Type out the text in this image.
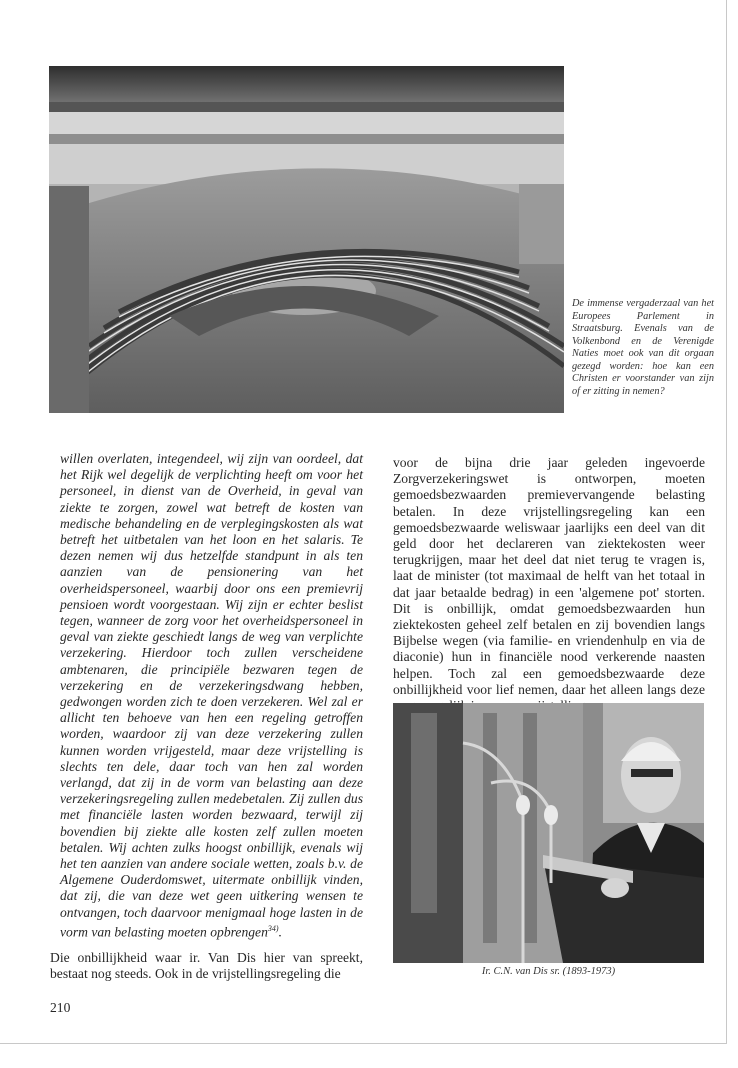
De immense vergaderzaal van het Europees Parlement in Straatsburg. Evenals van de Volkenbond en de Verenigde Naties moet ook van dit orgaan gezegd worden: hoe kan een Christen er voorstander van zijn of er zitting in nemen?

willen overlaten, integendeel, wij zijn van oordeel, dat het Rijk wel degelijk de verplichting heeft om voor het personeel, in dienst van de Overheid, in geval van ziekte te zorgen, zowel wat betreft de kosten van medische behandeling en de verplegingskosten als wat betreft het uitbetalen van het loon en het salaris. Te dezen nemen wij dus hetzelfde standpunt in als ten aanzien van de pensionering van het overheidspersoneel, waarbij door ons een premievrij pensioen wordt voorgestaan. Wij zijn er echter beslist tegen, wanneer de zorg voor het overheidspersoneel in geval van ziekte geschiedt langs de weg van verplichte verzekering. Hierdoor toch zullen verscheidene ambtenaren, die principiële bezwaren tegen de verzekering en de verzekeringsdwang hebben, gedwongen worden zich te doen verzekeren. Wel zal er allicht ten behoeve van hen een regeling getroffen worden, waardoor zij van deze verzekering zullen kunnen worden vrijgesteld, maar deze vrijstelling is slechts ten dele, daar toch van hen zal worden verlangd, dat zij in de vorm van belasting aan deze verzekeringsregeling zullen medebetalen. Zij zullen dus met financiële lasten worden bezwaard, terwijl zij bovendien bij ziekte alle kosten zelf zullen moeten betalen. Wij achten zulks hoogst onbillijk, evenals wij het ten aanzien van andere sociale wetten, zoals b.v. de Algemene Ouderdomswet, uitermate onbillijk vinden, dat zij, die van deze wet geen uitkering wensen te ontvangen, toch daarvoor menigmaal hoge lasten in de vorm van belasting moeten opbrengen$^{34)}$.

Die onbillijkheid waar ir. Van Dis hier van spreekt, bestaat nog steeds. Ook in de vrijstellingsregeling die

voor de bijna drie jaar geleden ingevoerde Zorgverzekeringswet is ontworpen, moeten gemoedsbezwaarden premievervangende belasting betalen. In deze vrijstellingsregeling kan een gemoedsbezwaarde weliswaar jaarlijks een deel van dit geld door het declareren van ziektekosten weer terugkrijgen, maar het deel dat niet terug te vragen is, laat de minister (tot maximaal de helft van het totaal in dat jaar betaalde bedrag) in een 'algemene pot' storten. Dit is onbillijk, omdat gemoedsbezwaarden hun ziektekosten geheel zelf betalen en zij bovendien langs Bijbelse wegen (via familie- en vriendenhulp en via de diaconie) hun in financiële nood verkerende naasten helpen. Toch zal een gemoedsbezwaarde deze onbillijkheid voor lief nemen, daar het alleen langs deze

Ir. C.N. van Dis sr. (1893-1973)
210
